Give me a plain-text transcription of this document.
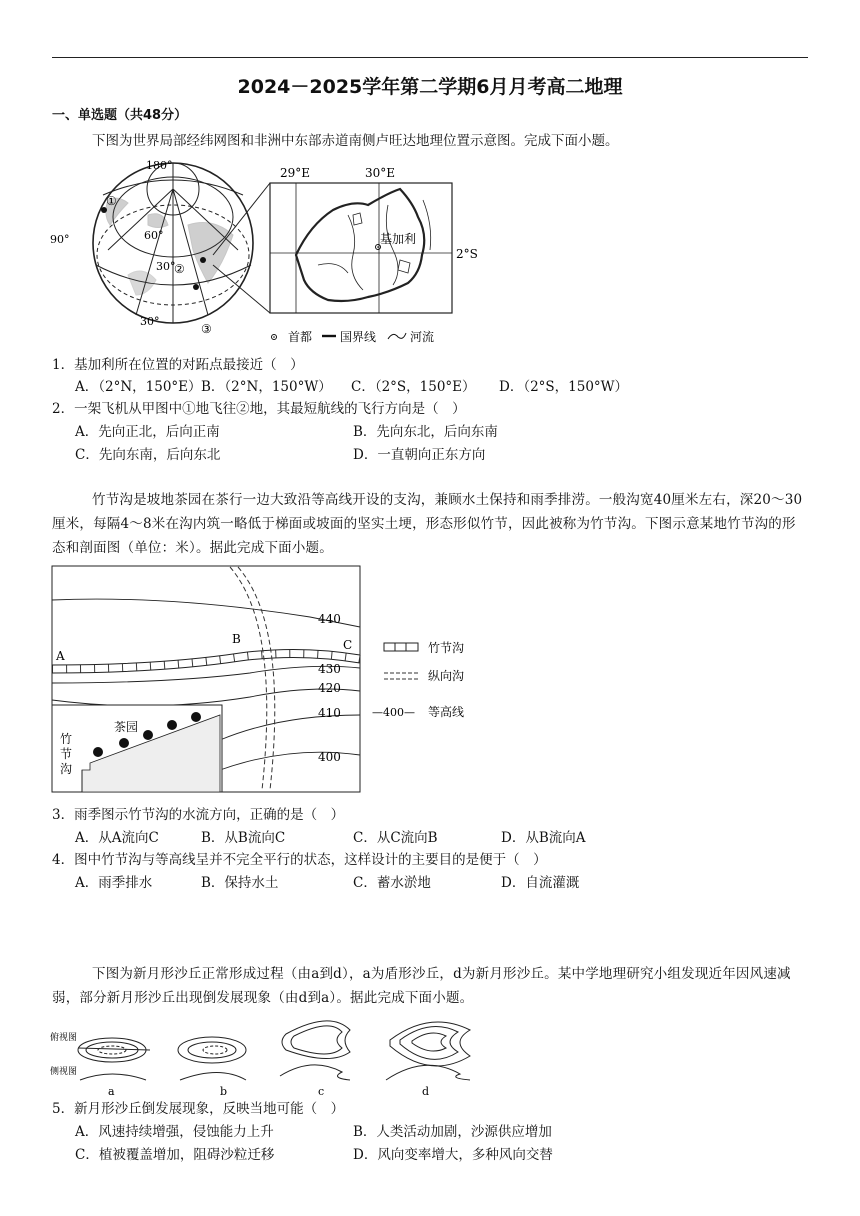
2024－2025学年第二学期6月月考高二地理
一、单选题（共48分）
下图为世界局部经纬网图和非洲中东部赤道南侧卢旺达地理位置示意图。完成下面小题。
180°
90°	60°
30°
30°
①
②
③
29°E	30°E
2°S
基加利
首都 国界线	河流
1．基加利所在位置的对跖点最接近（　）
A．（2°N，150°E） B．（2°N，150°W） C．（2°S，150°E） D．（2°S，150°W）
2．一架飞机从甲图中①地飞往②地，其最短航线的飞行方向是（　）
A．先向正北，后向正南	B．先向东北，后向东南
C．先向东南，后向东北	D．一直朝向正东方向
竹节沟是坡地茶园在茶行一边大致沿等高线开设的支沟，兼顾水土保持和雨季排涝。一般沟宽40厘米左右，深20～30厘米，每隔4～8米在沟内筑一略低于梯面或坡面的坚实土埂，形态形似竹节，因此被称为竹节沟。下图示意某地竹节沟的形态和剖面图（单位：米）。据此完成下面小题。
茶园
竹
节
沟
A
B	C
440
430
420
410
400
竹节沟
纵向沟
—400— 等高线
3．雨季图示竹节沟的水流方向，正确的是（　）
A．从A流向C	B．从B流向C	C．从C流向B	D．从B流向A
4．图中竹节沟与等高线呈并不完全平行的状态，这样设计的主要目的是便于（　）
A．雨季排水	B．保持水土	C．蓄水淤地	D．自流灌溉
下图为新月形沙丘正常形成过程（由a到d），a为盾形沙丘，d为新月形沙丘。某中学地理研究小组发现近年因风速减弱，部分新月形沙丘出现倒发展现象（由d到a）。据此完成下面小题。
俯视图
侧视图
a	b	c	d
5．新月形沙丘倒发展现象，反映当地可能（　）
A．风速持续增强，侵蚀能力上升	B．人类活动加剧，沙源供应增加
C．植被覆盖增加，阻碍沙粒迁移	D．风向变率增大，多种风向交替
